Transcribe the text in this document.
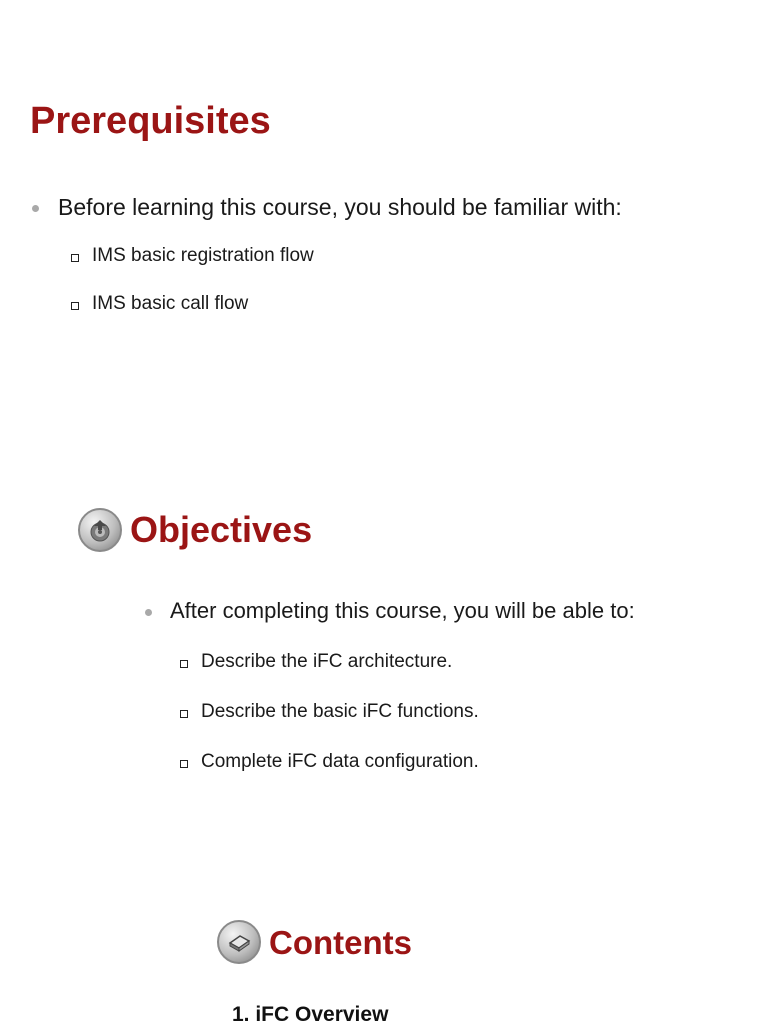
Prerequisites
Before learning this course, you should be familiar with:
IMS basic registration flow
IMS basic call flow
Objectives
After completing this course, you will be able to:
Describe the iFC architecture.
Describe the basic iFC functions.
Complete iFC data configuration.
Contents
1. iFC Overview
